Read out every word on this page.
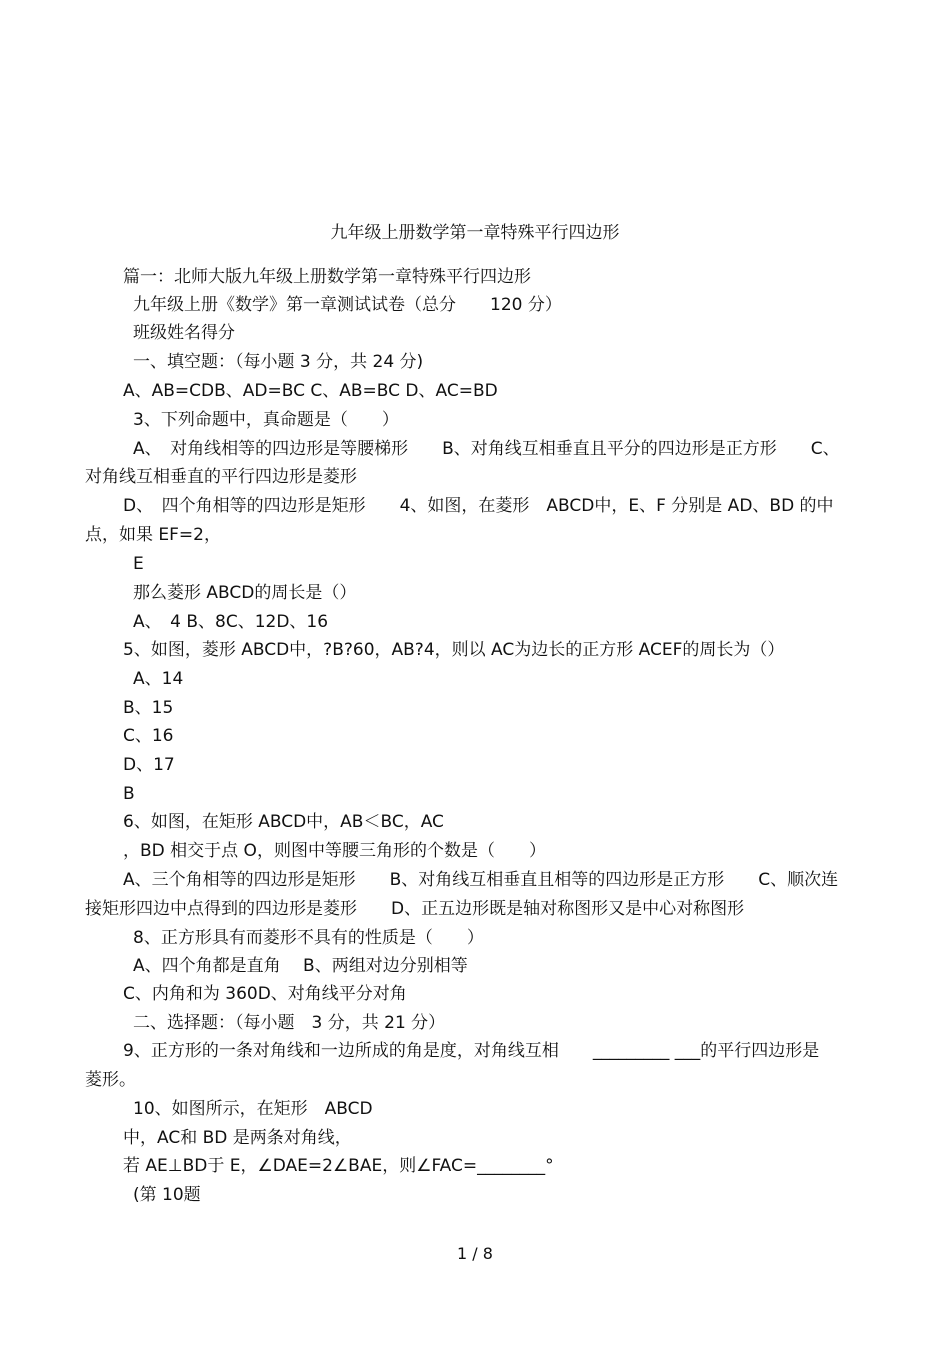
九年级上册数学第一章特殊平行四边形
篇一：北师大版九年级上册数学第一章特殊平行四边形
九年级上册《数学》第一章测试试卷（总分　　120 分）
班级姓名得分
一、填空题：（每小题 3 分，共 24 分)
A、AB=CDB、AD=BC C、AB=BC D、AC=BD
3、下列命题中，真命题是（　　）
A、　对角线相等的四边形是等腰梯形　　B、对角线互相垂直且平分的四边形是正方形　　C、
对角线互相垂直的平行四边形是菱形
D、　四个角相等的四边形是矩形　　4、如图，在菱形　ABCD中，E、F 分别是 AD、BD 的中
点，如果 EF=2，
E
那么菱形 ABCD的周长是（）
A、　4 B、8C、12D、16
5、如图，菱形 ABCD中，?B?60，AB?4，则以 AC为边长的正方形 ACEF的周长为（）
A、14
B、15
C、16
D、17
B
6、如图，在矩形 ABCD中，AB＜BC，AC
，BD 相交于点 O，则图中等腰三角形的个数是（　　）
A、三个角相等的四边形是矩形　　B、对角线互相垂直且相等的四边形是正方形　　C、顺次连
接矩形四边中点得到的四边形是菱形　　D、正五边形既是轴对称图形又是中心对称图形
8、正方形具有而菱形不具有的性质是（　　）
A、四个角都是直角　 B、两组对边分别相等
C、内角和为 360D、对角线平分对角
二、选择题：（每小题　3 分，共 21 分）
9、正方形的一条对角线和一边所成的角是度，对角线互相　　_________ ___的平行四边形是
菱形。
10、如图所示，在矩形　ABCD
中，AC和 BD 是两条对角线，
若 AE⊥BD于 E，∠DAE=2∠BAE，则∠FAC=________°
(第 10题
1 / 8
